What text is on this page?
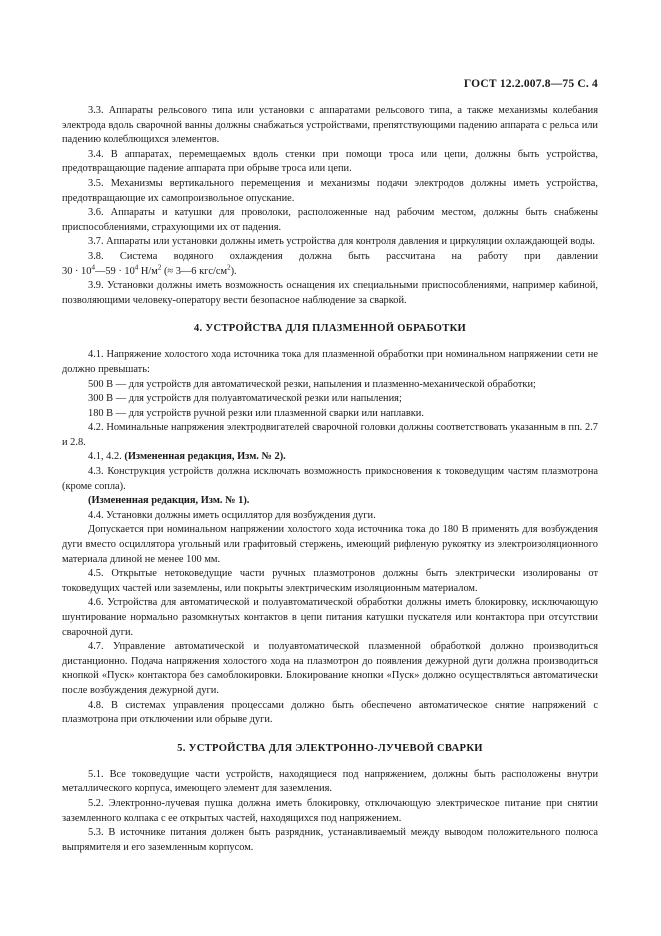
ГОСТ 12.2.007.8—75 С. 4

3.3. Аппараты рельсового типа или установки с аппаратами рельсового типа, а также механизмы колебания электрода вдоль сварочной ванны должны снабжаться устройствами, препятствующими падению аппарата с рельса или падению колеблющихся элементов.

3.4. В аппаратах, перемещаемых вдоль стенки при помощи троса или цепи, должны быть устройства, предотвращающие падение аппарата при обрыве троса или цепи.

3.5. Механизмы вертикального перемещения и механизмы подачи электродов должны иметь устройства, предотвращающие их самопроизвольное опускание.

3.6. Аппараты и катушки для проволоки, расположенные над рабочим местом, должны быть снабжены приспособлениями, страхующими их от падения.

3.7. Аппараты или установки должны иметь устройства для контроля давления и циркуляции охлаждающей воды.

3.8. Система водяного охлаждения должна быть рассчитана на работу при давлении

$30 \cdot 10^4—59 \cdot 10^4$ $Н/м^2$ (≈ 3—6 кгс/$см^2$).

3.9. Установки должны иметь возможность оснащения их специальными приспособлениями, например кабиной, позволяющими человеку-оператору вести безопасное наблюдение за сваркой.

4. УСТРОЙСТВА ДЛЯ ПЛАЗМЕННОЙ ОБРАБОТКИ

4.1. Напряжение холостого хода источника тока для плазменной обработки при номинальном напряжении сети не должно превышать:

500 В — для устройств для автоматической резки, напыления и плазменно-механической обработки;

300 В — для устройств для полуавтоматической резки или напыления;

180 В — для устройств ручной резки или плазменной сварки или наплавки.

4.2. Номинальные напряжения электродвигателей сварочной головки должны соответствовать указанным в пп. 2.7 и 2.8.

4.1, 4.2. (Измененная редакция, Изм. № 2).

4.3. Конструкция устройств должна исключать возможность прикосновения к токоведущим частям плазмотрона (кроме сопла).

(Измененная редакция, Изм. № 1).

4.4. Установки должны иметь осциллятор для возбуждения дуги.

Допускается при номинальном напряжении холостого хода источника тока до 180 В применять для возбуждения дуги вместо осциллятора угольный или графитовый стержень, имеющий рифленую рукоятку из электроизоляционного материала длиной не менее 100 мм.

4.5. Открытые нетоковедущие части ручных плазмотронов должны быть электрически изолированы от токоведущих частей или заземлены, или покрыты электрическим изоляционным материалом.

4.6. Устройства для автоматической и полуавтоматической обработки должны иметь блокировку, исключающую шунтирование нормально разомкнутых контактов в цепи питания катушки пускателя или контактора при отсутствии сварочной дуги.

4.7. Управление автоматической и полуавтоматической плазменной обработкой должно производиться дистанционно. Подача напряжения холостого хода на плазмотрон до появления дежурной дуги должна производиться кнопкой «Пуск» контактора без самоблокировки. Блокирование кнопки «Пуск» должно осуществляться автоматически после возбуждения дежурной дуги.

4.8. В системах управления процессами должно быть обеспечено автоматическое снятие напряжений с плазмотрона при отключении или обрыве дуги.

5. УСТРОЙСТВА ДЛЯ ЭЛЕКТРОННО-ЛУЧЕВОЙ СВАРКИ

5.1. Все токоведущие части устройств, находящиеся под напряжением, должны быть расположены внутри металлического корпуса, имеющего элемент для заземления.

5.2. Электронно-лучевая пушка должна иметь блокировку, отключающую электрическое питание при снятии заземленного колпака с ее открытых частей, находящихся под напряжением.

5.3. В источнике питания должен быть разрядник, устанавливаемый между выводом положительного полюса выпрямителя и его заземленным корпусом.
